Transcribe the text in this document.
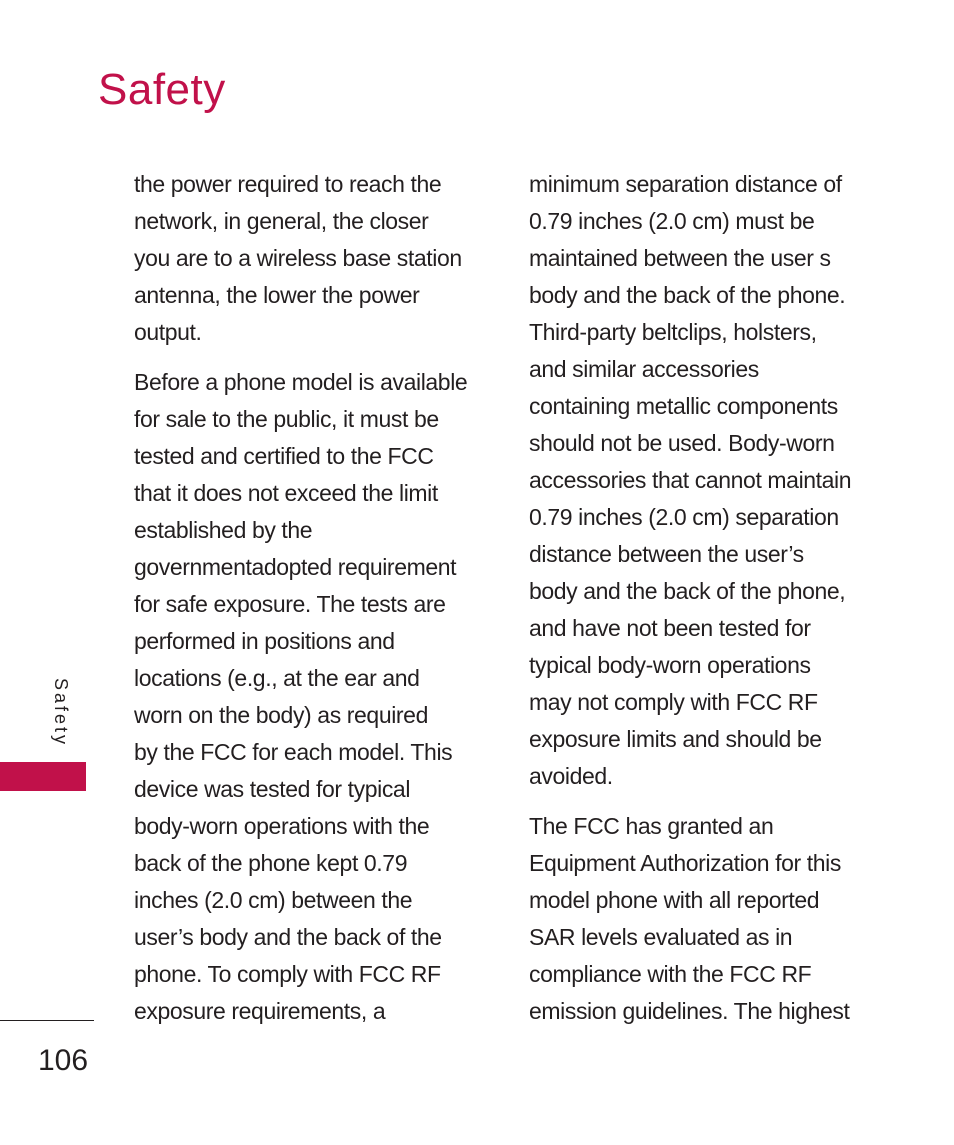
Safety

the power required to reach the
network, in general, the closer
you are to a wireless base station
antenna, the lower the power
output.

Before a phone model is available
for sale to the public, it must be
tested and certified to the FCC
that it does not exceed the limit
established by the
governmentadopted requirement
for safe exposure. The tests are
performed in positions and
locations (e.g., at the ear and
worn on the body) as required
by the FCC for each model. This
device was tested for typical
body-worn operations with the
back of the phone kept 0.79
inches (2.0 cm) between the
user’s body and the back of the
phone. To comply with FCC RF
exposure requirements, a

minimum separation distance of
0.79 inches (2.0 cm) must be
maintained between the user s
body and the back of the phone.
Third-party beltclips, holsters,
and similar accessories
containing metallic components
should not be used. Body-worn
accessories that cannot maintain
0.79 inches (2.0 cm) separation
distance between the user’s
body and the back of the phone,
and have not been tested for
typical body-worn operations
may not comply with FCC RF
exposure limits and should be
avoided.

The FCC has granted an
Equipment Authorization for this
model phone with all reported
SAR levels evaluated as in
compliance with the FCC RF
emission guidelines. The highest

Safety
106
